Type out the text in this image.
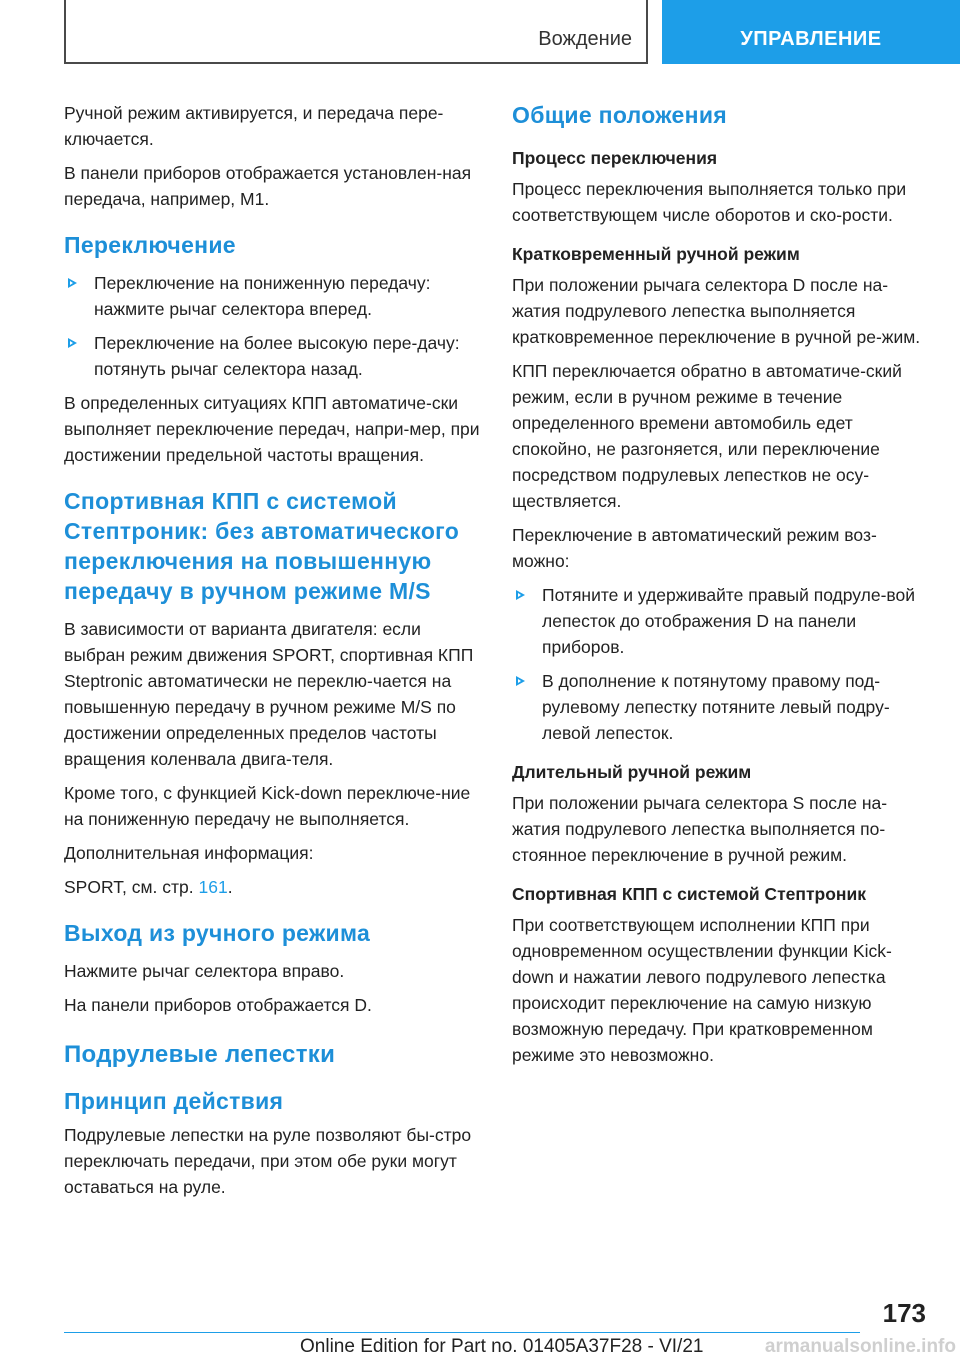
Вождение	УПРАВЛЕНИЕ

Ручной режим активируется, и передача пере-ключается.

В панели приборов отображается установлен-ная передача, например, M1.

Переключение
Переключение на пониженную передачу: нажмите рычаг селектора вперед.
Переключение на более высокую пере-дачу: потянуть рычаг селектора назад.

В определенных ситуациях КПП автоматиче-ски выполняет переключение передач, напри-мер, при достижении предельной частоты вращения.

Спортивная КПП с системой Стептроник: без автоматического переключения на повышенную передачу в ручном режиме M/S

В зависимости от варианта двигателя: если выбран режим движения SPORT, спортивная КПП Steptronic автоматически не переклю-чается на повышенную передачу в ручном режиме M/S по достижении определенных пределов частоты вращения коленвала двига-теля.

Кроме того, с функцией Kick-down переключе-ние на пониженную передачу не выполняется.

Дополнительная информация:

SPORT, см. стр. 161.

Выход из ручного режима

Нажмите рычаг селектора вправо.

На панели приборов отображается D.

Подрулевые лепестки
Принцип действия

Подрулевые лепестки на руле позволяют бы-стро переключать передачи, при этом обе руки могут оставаться на руле.

Общие положения
Процесс переключения

Процесс переключения выполняется только при соответствующем числе оборотов и ско-рости.

Кратковременный ручной режим

При положении рычага селектора D после на-жатия подрулевого лепестка выполняется кратковременное переключение в ручной ре-жим.

КПП переключается обратно в автоматиче-ский режим, если в ручном режиме в течение определенного времени автомобиль едет спокойно, не разгоняется, или переключение посредством подрулевых лепестков не осу-ществляется.

Переключение в автоматический режим воз-можно:

Потяните и удерживайте правый подруле-вой лепесток до отображения D на панели приборов.
В дополнение к потянутому правому под-рулевому лепестку потяните левый подру-левой лепесток.
Длительный ручной режим

При положении рычага селектора S после на-жатия подрулевого лепестка выполняется по-стоянное переключение в ручной режим.

Спортивная КПП с системой Стептроник

При соответствующем исполнении КПП при одновременном осуществлении функции Kick-down и нажатии левого подрулевого лепестка происходит переключение на самую низкую возможную передачу. При кратковременном режиме это невозможно.

173
Online Edition for Part no. 01405A37F28 - VI/21	armanualsonline.info
